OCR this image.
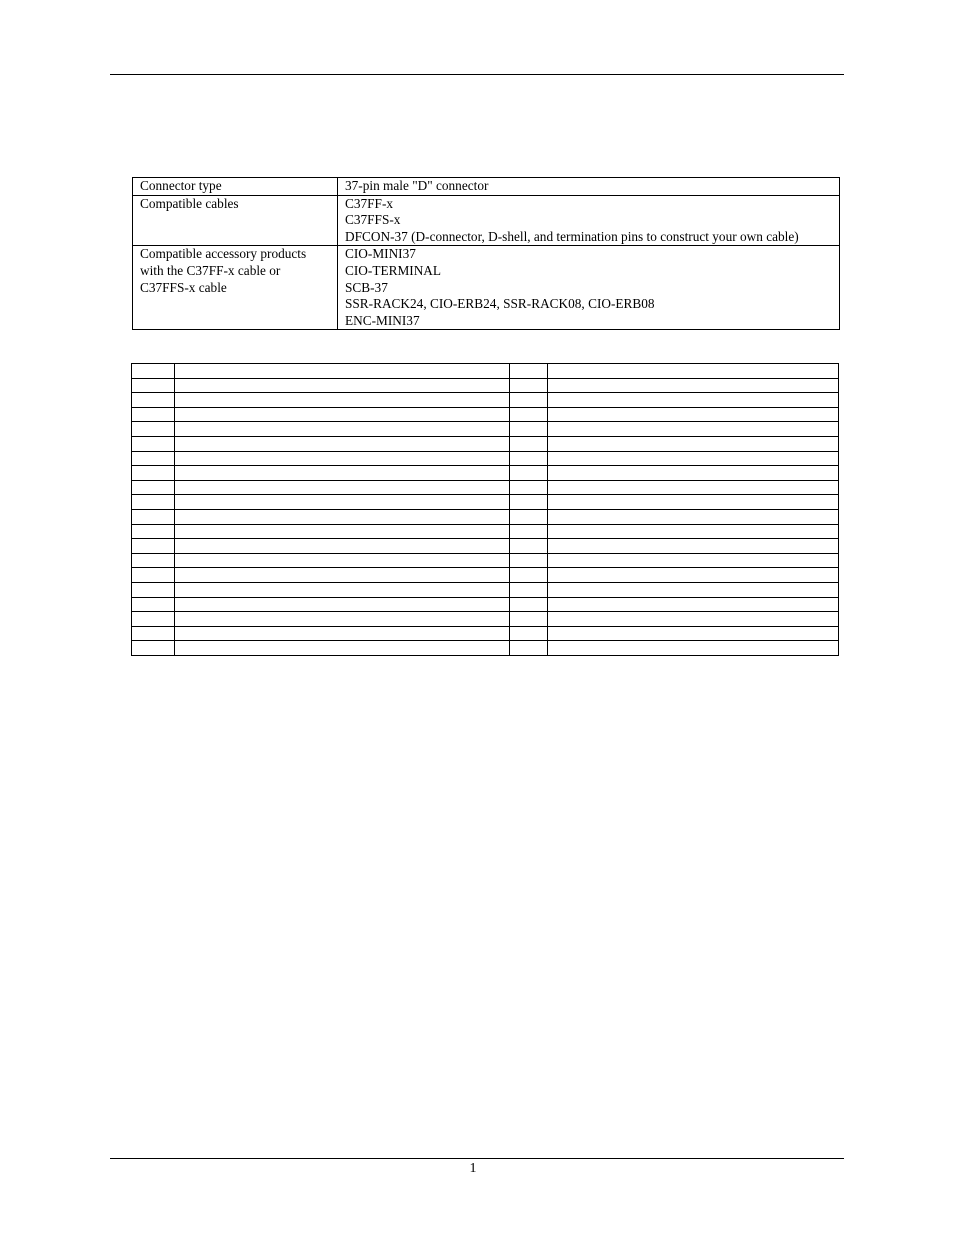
Connector type	37-pin male "D" connector

Compatible cables	C37FF-x
C37FFS-x
DFCON-37 (D-connector, D-shell, and termination pins to construct your own cable)

Compatible accessory products
with the C37FF-x cable or
C37FFS-x cable	CIO-MINI37
CIO-TERMINAL
SCB-37
SSR-RACK24, CIO-ERB24, SSR-RACK08, CIO-ERB08
ENC-MINI37

1
